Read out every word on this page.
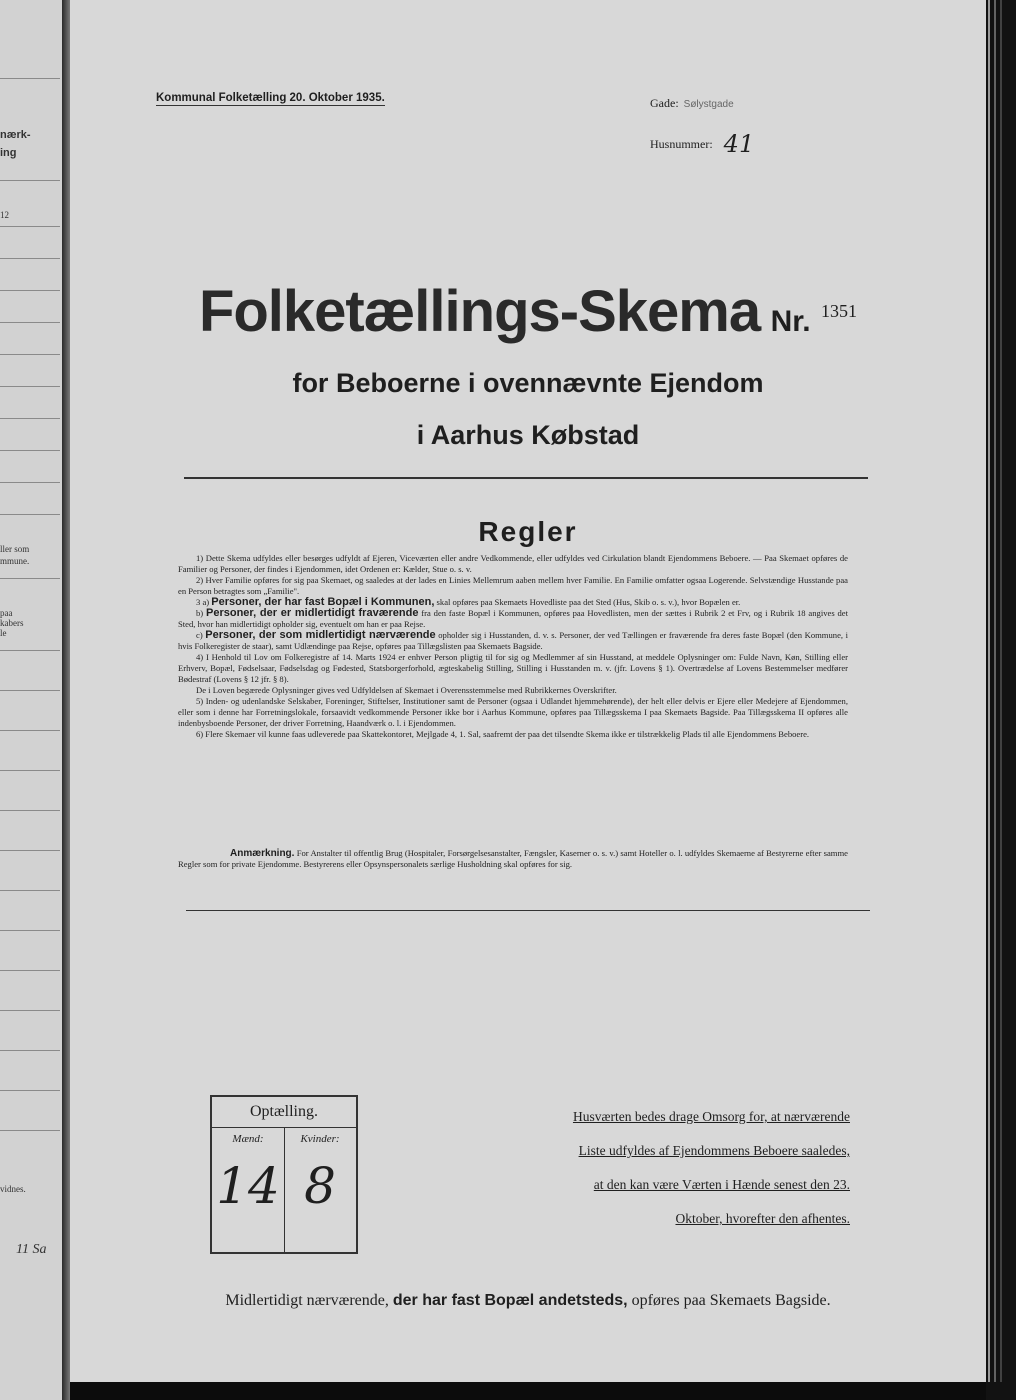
nærk-
ing
12
ller som
mmune.
paa
kabers
le
vidnes.
11 Sa
Kommunal Folketælling 20. Oktober 1935.	Gade: Sølystgade
Husnummer: 41
Folketællings-Skema Nr. 1351
for Beboerne i ovennævnte Ejendom
i Aarhus Købstad
Regler

1) Dette Skema udfyldes eller besørges udfyldt af Ejeren, Viceværten eller andre Vedkommende, eller udfyldes ved Cirkulation blandt Ejendommens Beboere. — Paa Skemaet opføres de Familier og Personer, der findes i Ejendommen, idet Ordenen er: Kælder, Stue o. s. v.

2) Hver Familie opføres for sig paa Skemaet, og saaledes at der lades en Linies Mellemrum aaben mellem hver Familie. En Familie omfatter ogsaa Logerende. Selvstændige Husstande paa en Person betragtes som „Familie".

3 a) Personer, der har fast Bopæl i Kommunen, skal opføres paa Skemaets Hovedliste paa det Sted (Hus, Skib o. s. v.), hvor Bopælen er.

b) Personer, der er midlertidigt fraværende fra den faste Bopæl i Kommunen, opføres paa Hovedlisten, men der sættes i Rubrik 2 et Frv, og i Rubrik 18 angives det Sted, hvor han midlertidigt opholder sig, eventuelt om han er paa Rejse.

c) Personer, der som midlertidigt nærværende opholder sig i Husstanden, d. v. s. Personer, der ved Tællingen er fraværende fra deres faste Bopæl (den Kommune, i hvis Folkeregister de staar), samt Udlændinge paa Rejse, opføres paa Tillægslisten paa Skemaets Bagside.

4) I Henhold til Lov om Folkeregistre af 14. Marts 1924 er enhver Person pligtig til for sig og Medlemmer af sin Husstand, at meddele Oplysninger om: Fulde Navn, Køn, Stilling eller Erhverv, Bopæl, Fødselsaar, Fødselsdag og Fødested, Statsborgerforhold, ægteskabelig Stilling, Stilling i Husstanden m. v. (jfr. Lovens § 1). Overtrædelse af Lovens Bestemmelser medfører Bødestraf (Lovens § 12 jfr. § 8).

De i Loven begærede Oplysninger gives ved Udfyldelsen af Skemaet i Overensstemmelse med Rubrikkernes Overskrifter.

5) Inden- og udenlandske Selskaber, Foreninger, Stiftelser, Institutioner samt de Personer (ogsaa i Udlandet hjemmehørende), der helt eller delvis er Ejere eller Medejere af Ejendommen, eller som i denne har Forretningslokale, forsaavidt vedkommende Personer ikke bor i Aarhus Kommune, opføres paa Tillægsskema I paa Skemaets Bagside. Paa Tillægsskema II opføres alle indenbysboende Personer, der driver Forretning, Haandværk o. l. i Ejendommen.

6) Flere Skemaer vil kunne faas udleverede paa Skattekontoret, Mejlgade 4, 1. Sal, saafremt der paa det tilsendte Skema ikke er tilstrækkelig Plads til alle Ejendommens Beboere.

Anmærkning. For Anstalter til offentlig Brug (Hospitaler, Forsørgelsesanstalter, Fængsler, Kaserner o. s. v.) samt Hoteller o. l. udfyldes Skemaerne af Bestyrerne efter samme Regler som for private Ejendomme. Bestyrerens eller Opsynspersonalets særlige Husholdning skal opføres for sig.
Optælling.
Mænd:	Kvinder:
14 8
Husværten bedes drage Omsorg for, at nærværende
Liste udfyldes af Ejendommens Beboere saaledes,
at den kan være Værten i Hænde senest den 23.
Oktober, hvorefter den afhentes.
Midlertidigt nærværende, der har fast Bopæl andetsteds, opføres paa Skemaets Bagside.
